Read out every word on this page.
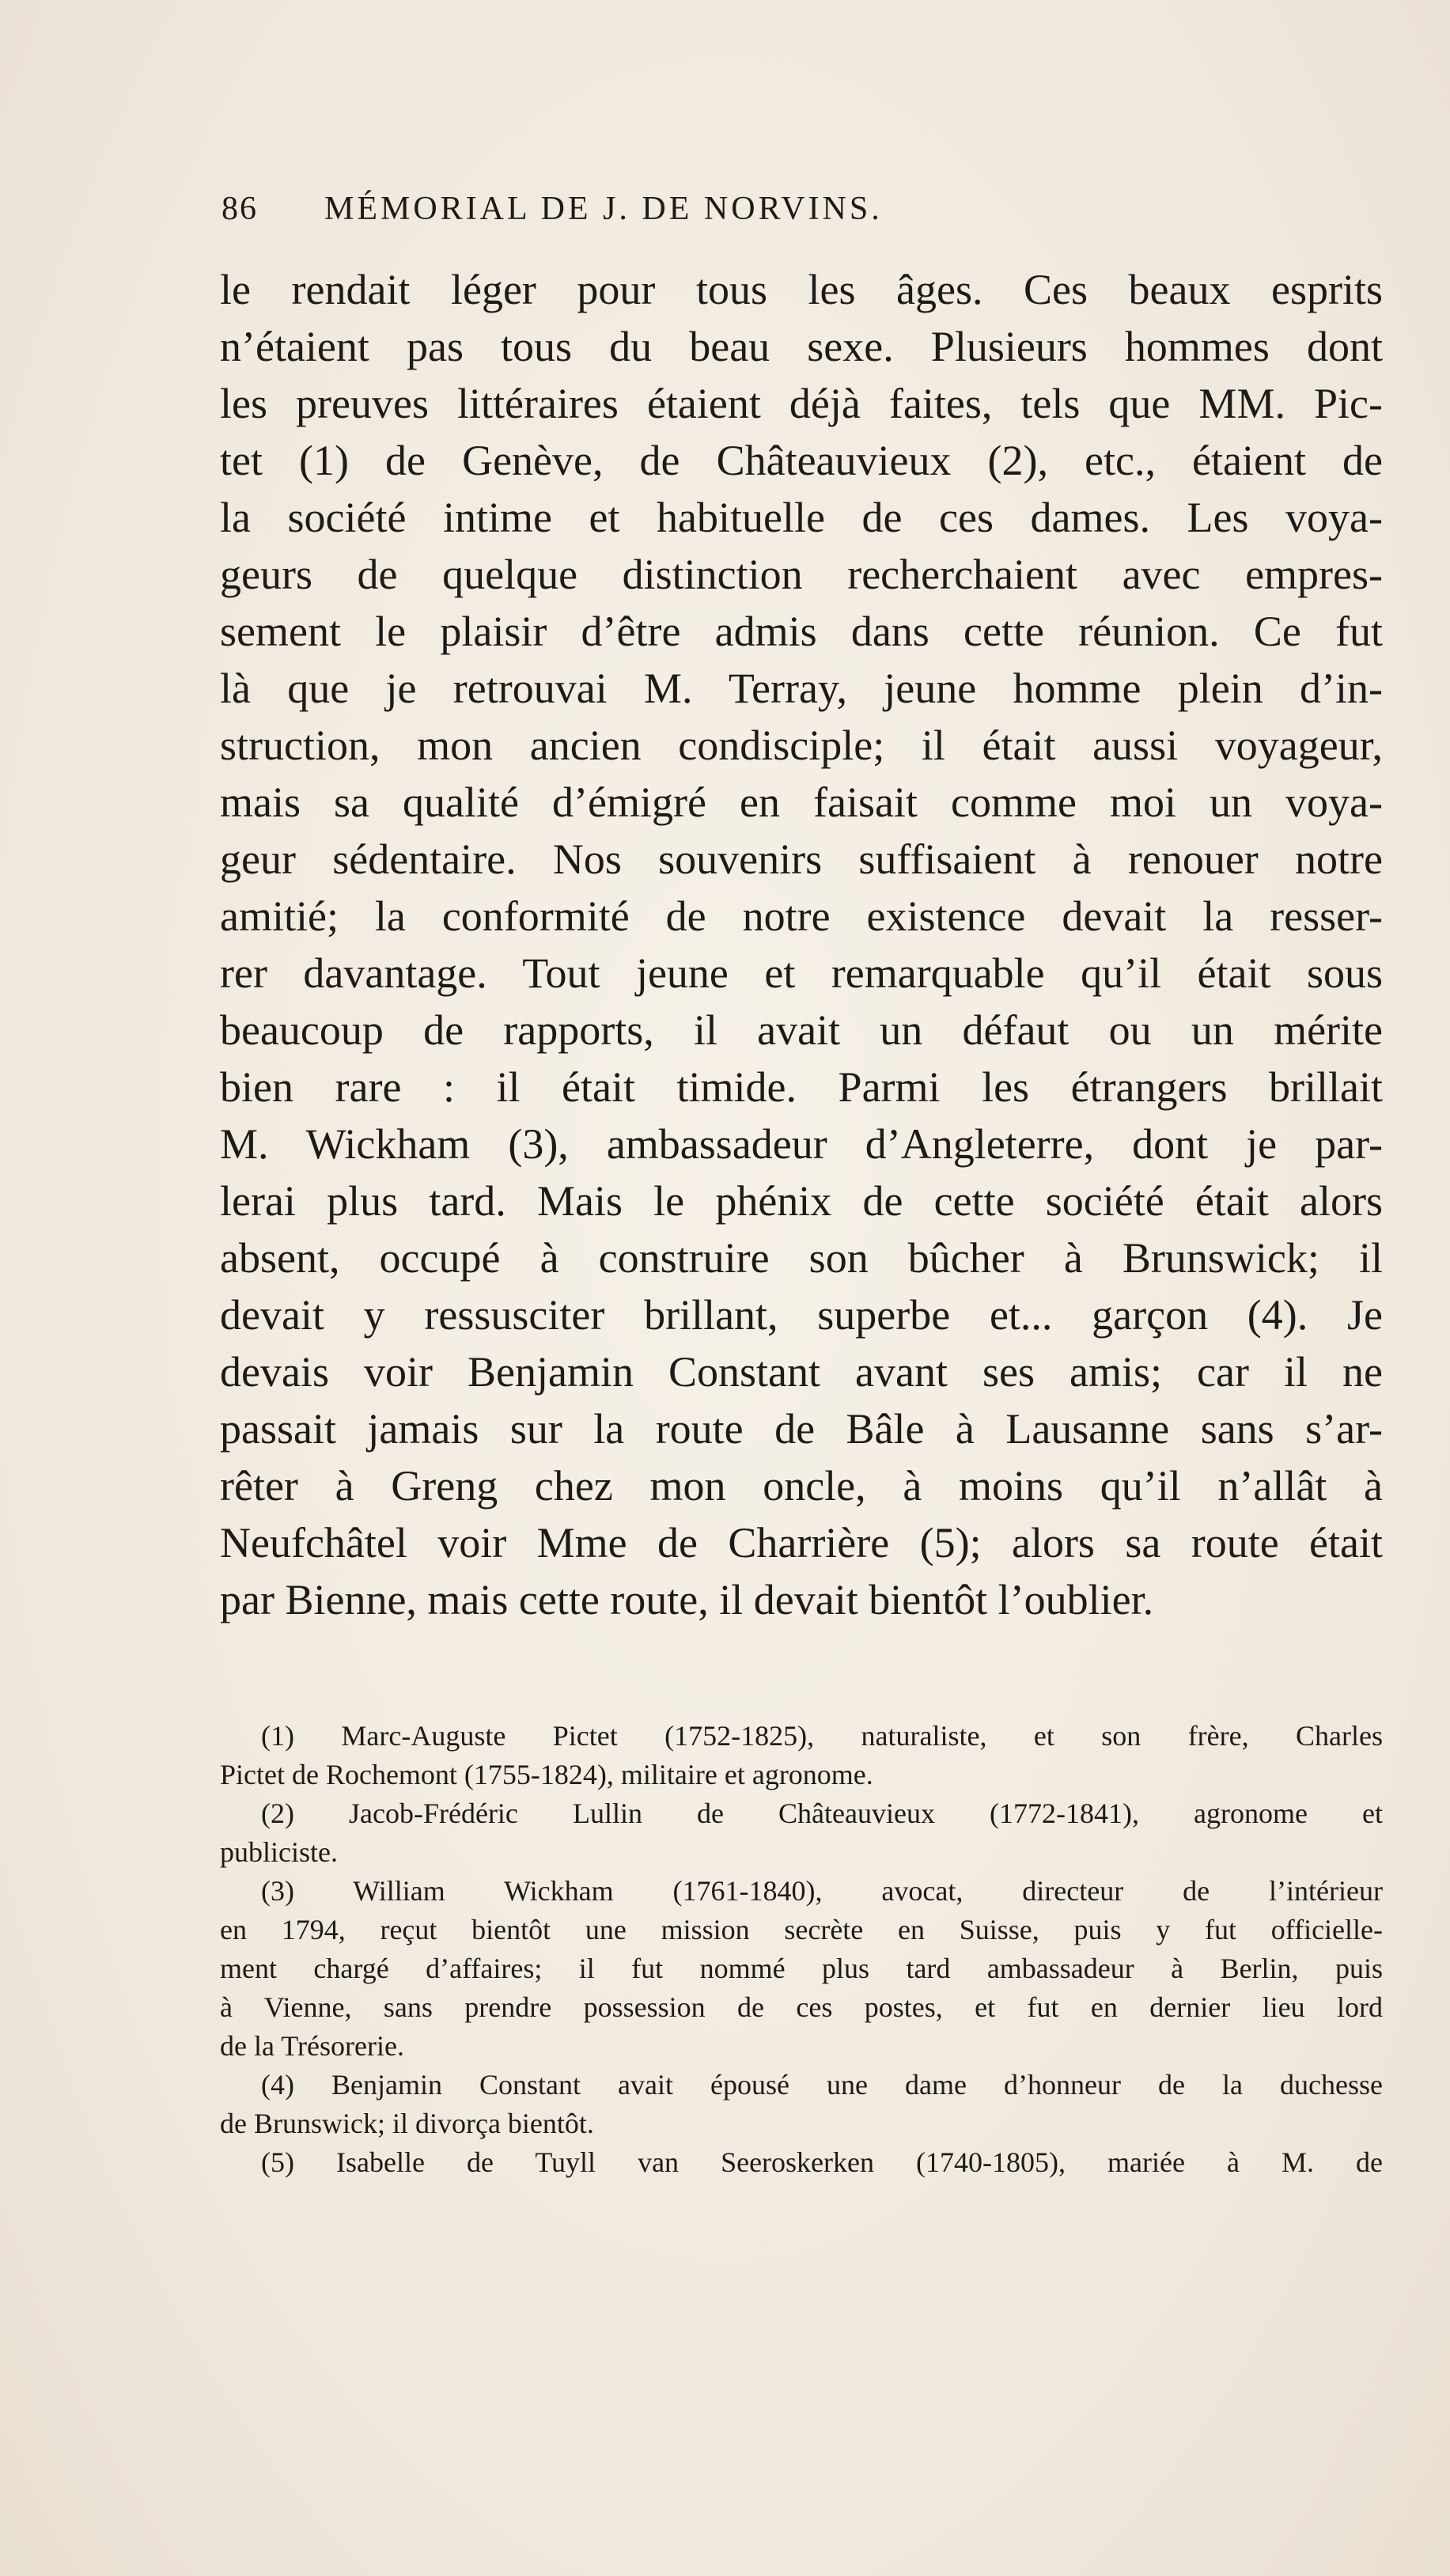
86 MÉMORIAL DE J. DE NORVINS.
le rendait léger pour tous les âges. Ces beaux esprits
n’étaient pas tous du beau sexe. Plusieurs hommes dont
les preuves littéraires étaient déjà faites, tels que MM. Pic-
tet (1) de Genève, de Châteauvieux (2), etc., étaient de
la société intime et habituelle de ces dames. Les voya-
geurs de quelque distinction recherchaient avec empres-
sement le plaisir d’être admis dans cette réunion. Ce fut
là que je retrouvai M. Terray, jeune homme plein d’in-
struction, mon ancien condisciple; il était aussi voyageur,
mais sa qualité d’émigré en faisait comme moi un voya-
geur sédentaire. Nos souvenirs suffisaient à renouer notre
amitié; la conformité de notre existence devait la resser-
rer davantage. Tout jeune et remarquable qu’il était sous
beaucoup de rapports, il avait un défaut ou un mérite
bien rare : il était timide. Parmi les étrangers brillait
M. Wickham (3), ambassadeur d’Angleterre, dont je par-
lerai plus tard. Mais le phénix de cette société était alors
absent, occupé à construire son bûcher à Brunswick; il
devait y ressusciter brillant, superbe et... garçon (4). Je
devais voir Benjamin Constant avant ses amis; car il ne
passait jamais sur la route de Bâle à Lausanne sans s’ar-
rêter à Greng chez mon oncle, à moins qu’il n’allât à
Neufchâtel voir Mme de Charrière (5); alors sa route était
par Bienne, mais cette route, il devait bientôt l’oublier.
(1) Marc-Auguste Pictet (1752-1825), naturaliste, et son frère, Charles
Pictet de Rochemont (1755-1824), militaire et agronome.
(2) Jacob-Frédéric Lullin de Châteauvieux (1772-1841), agronome et
publiciste.
(3) William Wickham (1761-1840), avocat, directeur de l’intérieur
en 1794, reçut bientôt une mission secrète en Suisse, puis y fut officielle-
ment chargé d’affaires; il fut nommé plus tard ambassadeur à Berlin, puis
à Vienne, sans prendre possession de ces postes, et fut en dernier lieu lord
de la Trésorerie.
(4) Benjamin Constant avait épousé une dame d’honneur de la duchesse
de Brunswick; il divorça bientôt.
(5) Isabelle de Tuyll van Seeroskerken (1740-1805), mariée à M. de
